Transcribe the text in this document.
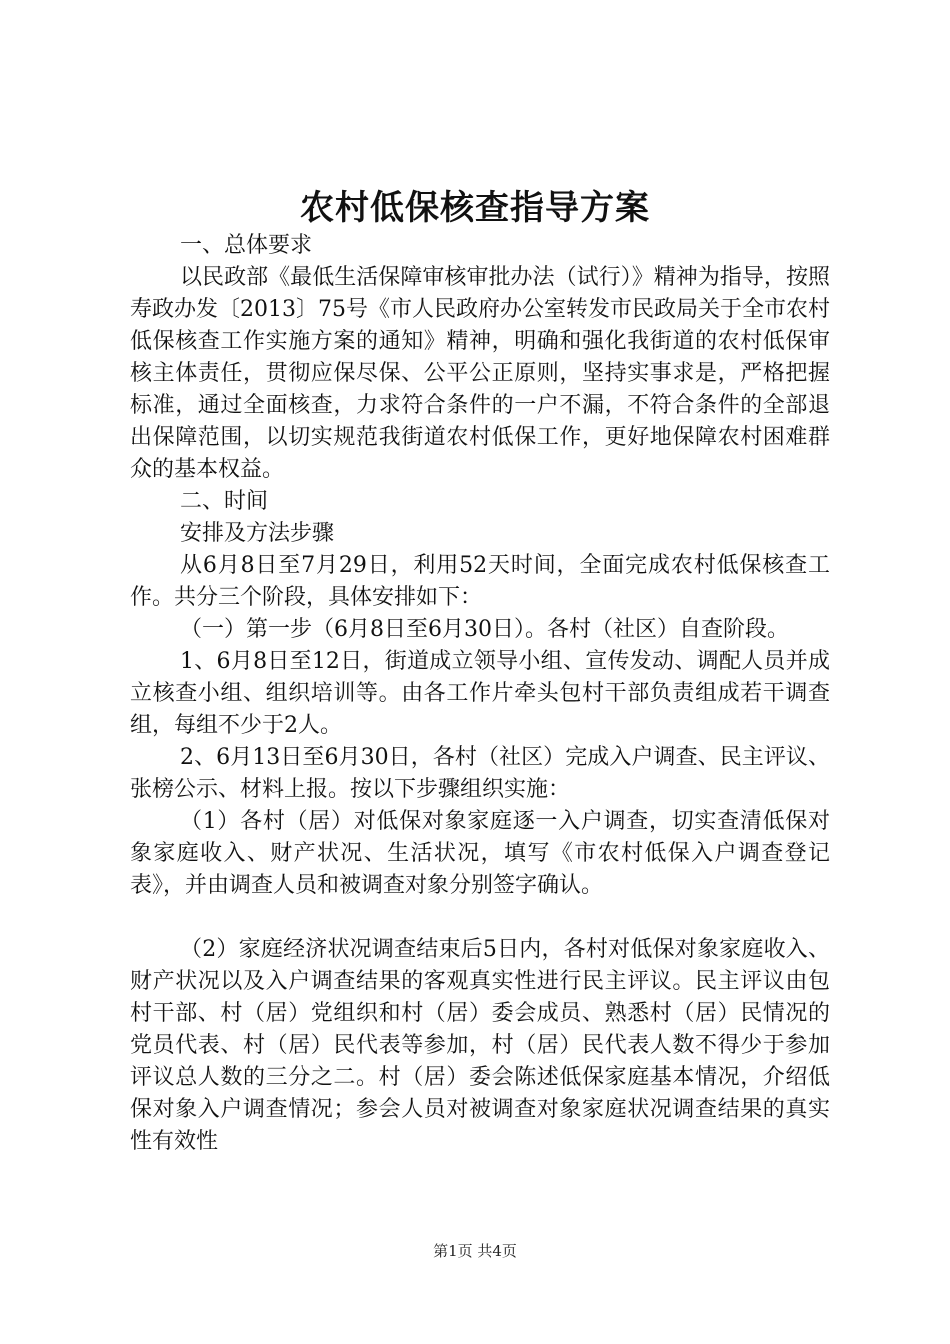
农村低保核查指导方案

一、总体要求

以民政部《最低生活保障审核审批办法（试行）》精神为指导，按照寿政办发〔2013〕75号《市人民政府办公室转发市民政局关于全市农村低保核查工作实施方案的通知》精神，明确和强化我街道的农村低保审核主体责任，贯彻应保尽保、公平公正原则，坚持实事求是，严格把握标准，通过全面核查，力求符合条件的一户不漏，不符合条件的全部退出保障范围，以切实规范我街道农村低保工作，更好地保障农村困难群众的基本权益。

二、时间

安排及方法步骤

从6月8日至7月29日，利用52天时间，全面完成农村低保核查工作。共分三个阶段，具体安排如下：

（一）第一步（6月8日至6月30日）。各村（社区）自查阶段。

1、6月8日至12日，街道成立领导小组、宣传发动、调配人员并成立核查小组、组织培训等。由各工作片牵头包村干部负责组成若干调查组，每组不少于2人。

2、6月13日至6月30日，各村（社区）完成入户调查、民主评议、张榜公示、材料上报。按以下步骤组织实施：

（1）各村（居）对低保对象家庭逐一入户调查，切实查清低保对象家庭收入、财产状况、生活状况，填写《市农村低保入户调查登记表》，并由调查人员和被调查对象分别签字确认。

（2）家庭经济状况调查结束后5日内，各村对低保对象家庭收入、财产状况以及入户调查结果的客观真实性进行民主评议。民主评议由包村干部、村（居）党组织和村（居）委会成员、熟悉村（居）民情况的党员代表、村（居）民代表等参加，村（居）民代表人数不得少于参加评议总人数的三分之二。村（居）委会陈述低保家庭基本情况，介绍低保对象入户调查情况；参会人员对被调查对象家庭状况调查结果的真实性有效性

第1页 共4页
